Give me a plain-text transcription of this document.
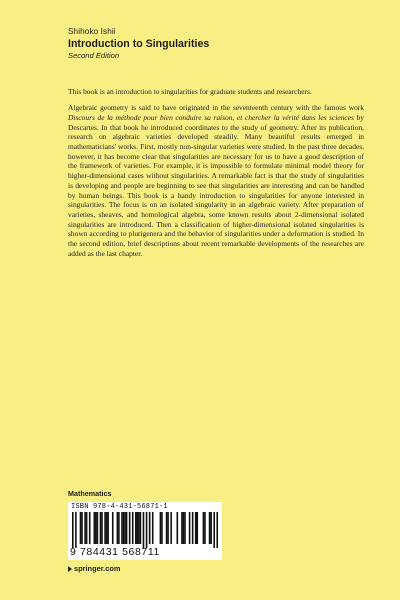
Shihoko Ishii

Introduction to Singularities

Second Edition

This book is an introduction to singularities for graduate students and researchers.

Algebraic geometry is said to have originated in the seventeenth century with the famous work Discours de la méthode pour bien conduire sa raison, et chercher la vérité dans les sciences by Descartes. In that book he introduced coordinates to the study of geometry. After its publication, research on algebraic varieties developed steadily. Many beautiful results emerged in mathematicians' works. First, mostly non-singular varieties were studied. In the past three decades, however, it has become clear that singularities are necessary for us to have a good description of the framework of varieties. For example, it is impossible to formulate minimal model theory for higher-dimensional cases without singularities. A remarkable fact is that the study of singularities is developing and people are beginning to see that singularities are interesting and can be handled by human beings. This book is a handy introduction to singularities for anyone interested in singularities. The focus is on an isolated singularity in an algebraic variety. After preparation of varieties, sheaves, and homological algebra, some known results about 2-dimensional isolated singularities are introduced. Then a classification of higher-dimensional isolated singularities is shown according to plurigenera and the behavior of singularities under a deformation is studied. In the second edition, brief descriptions about recent remarkable developments of the researches are added as the last chapter.

Mathematics

ISBN 978-4-431-56871-1
9 784431 568711
springer.com
